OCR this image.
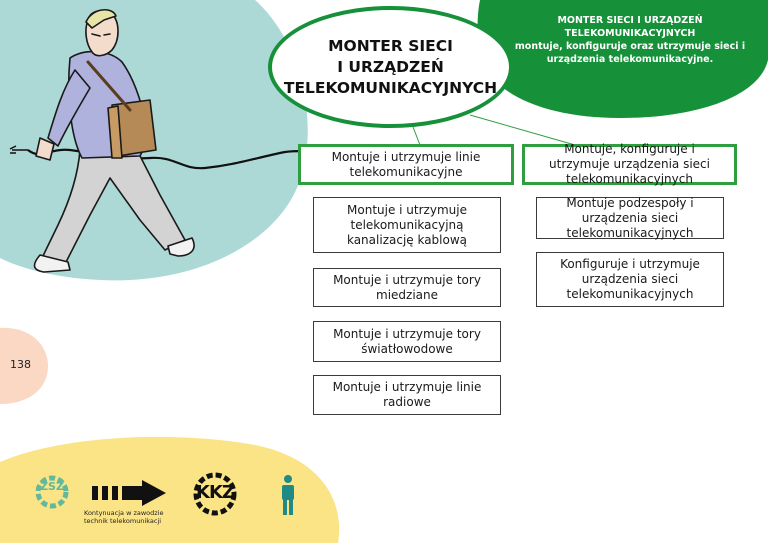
MONTER SIECI I URZĄDZEŃ TELEKOMUNIKACYJNYCH
montuje, konfiguruje oraz utrzymuje sieci i urządzenia telekomunikacyjne.
MONTER SIECI
I URZĄDZEŃ
TELEKOMUNIKACYJNYCH
Montuje i utrzymuje linie telekomunikacyjne
Montuje i utrzymuje telekomunikacyjną kanalizację kablową
Montuje i utrzymuje tory miedziane
Montuje i utrzymuje tory światłowodowe
Montuje i utrzymuje linie radiowe
Montuje, konfiguruje i utrzymuje urządzenia sieci telekomunikacyjnych
Montuje podzespoły i urządzenia sieci telekomunikacyjnych
Konfiguruje i utrzymuje urządzenia sieci telekomunikacyjnych
138
ZSZ
Kontynuacja w zawodzie
technik telekomunikacji
KKZ
